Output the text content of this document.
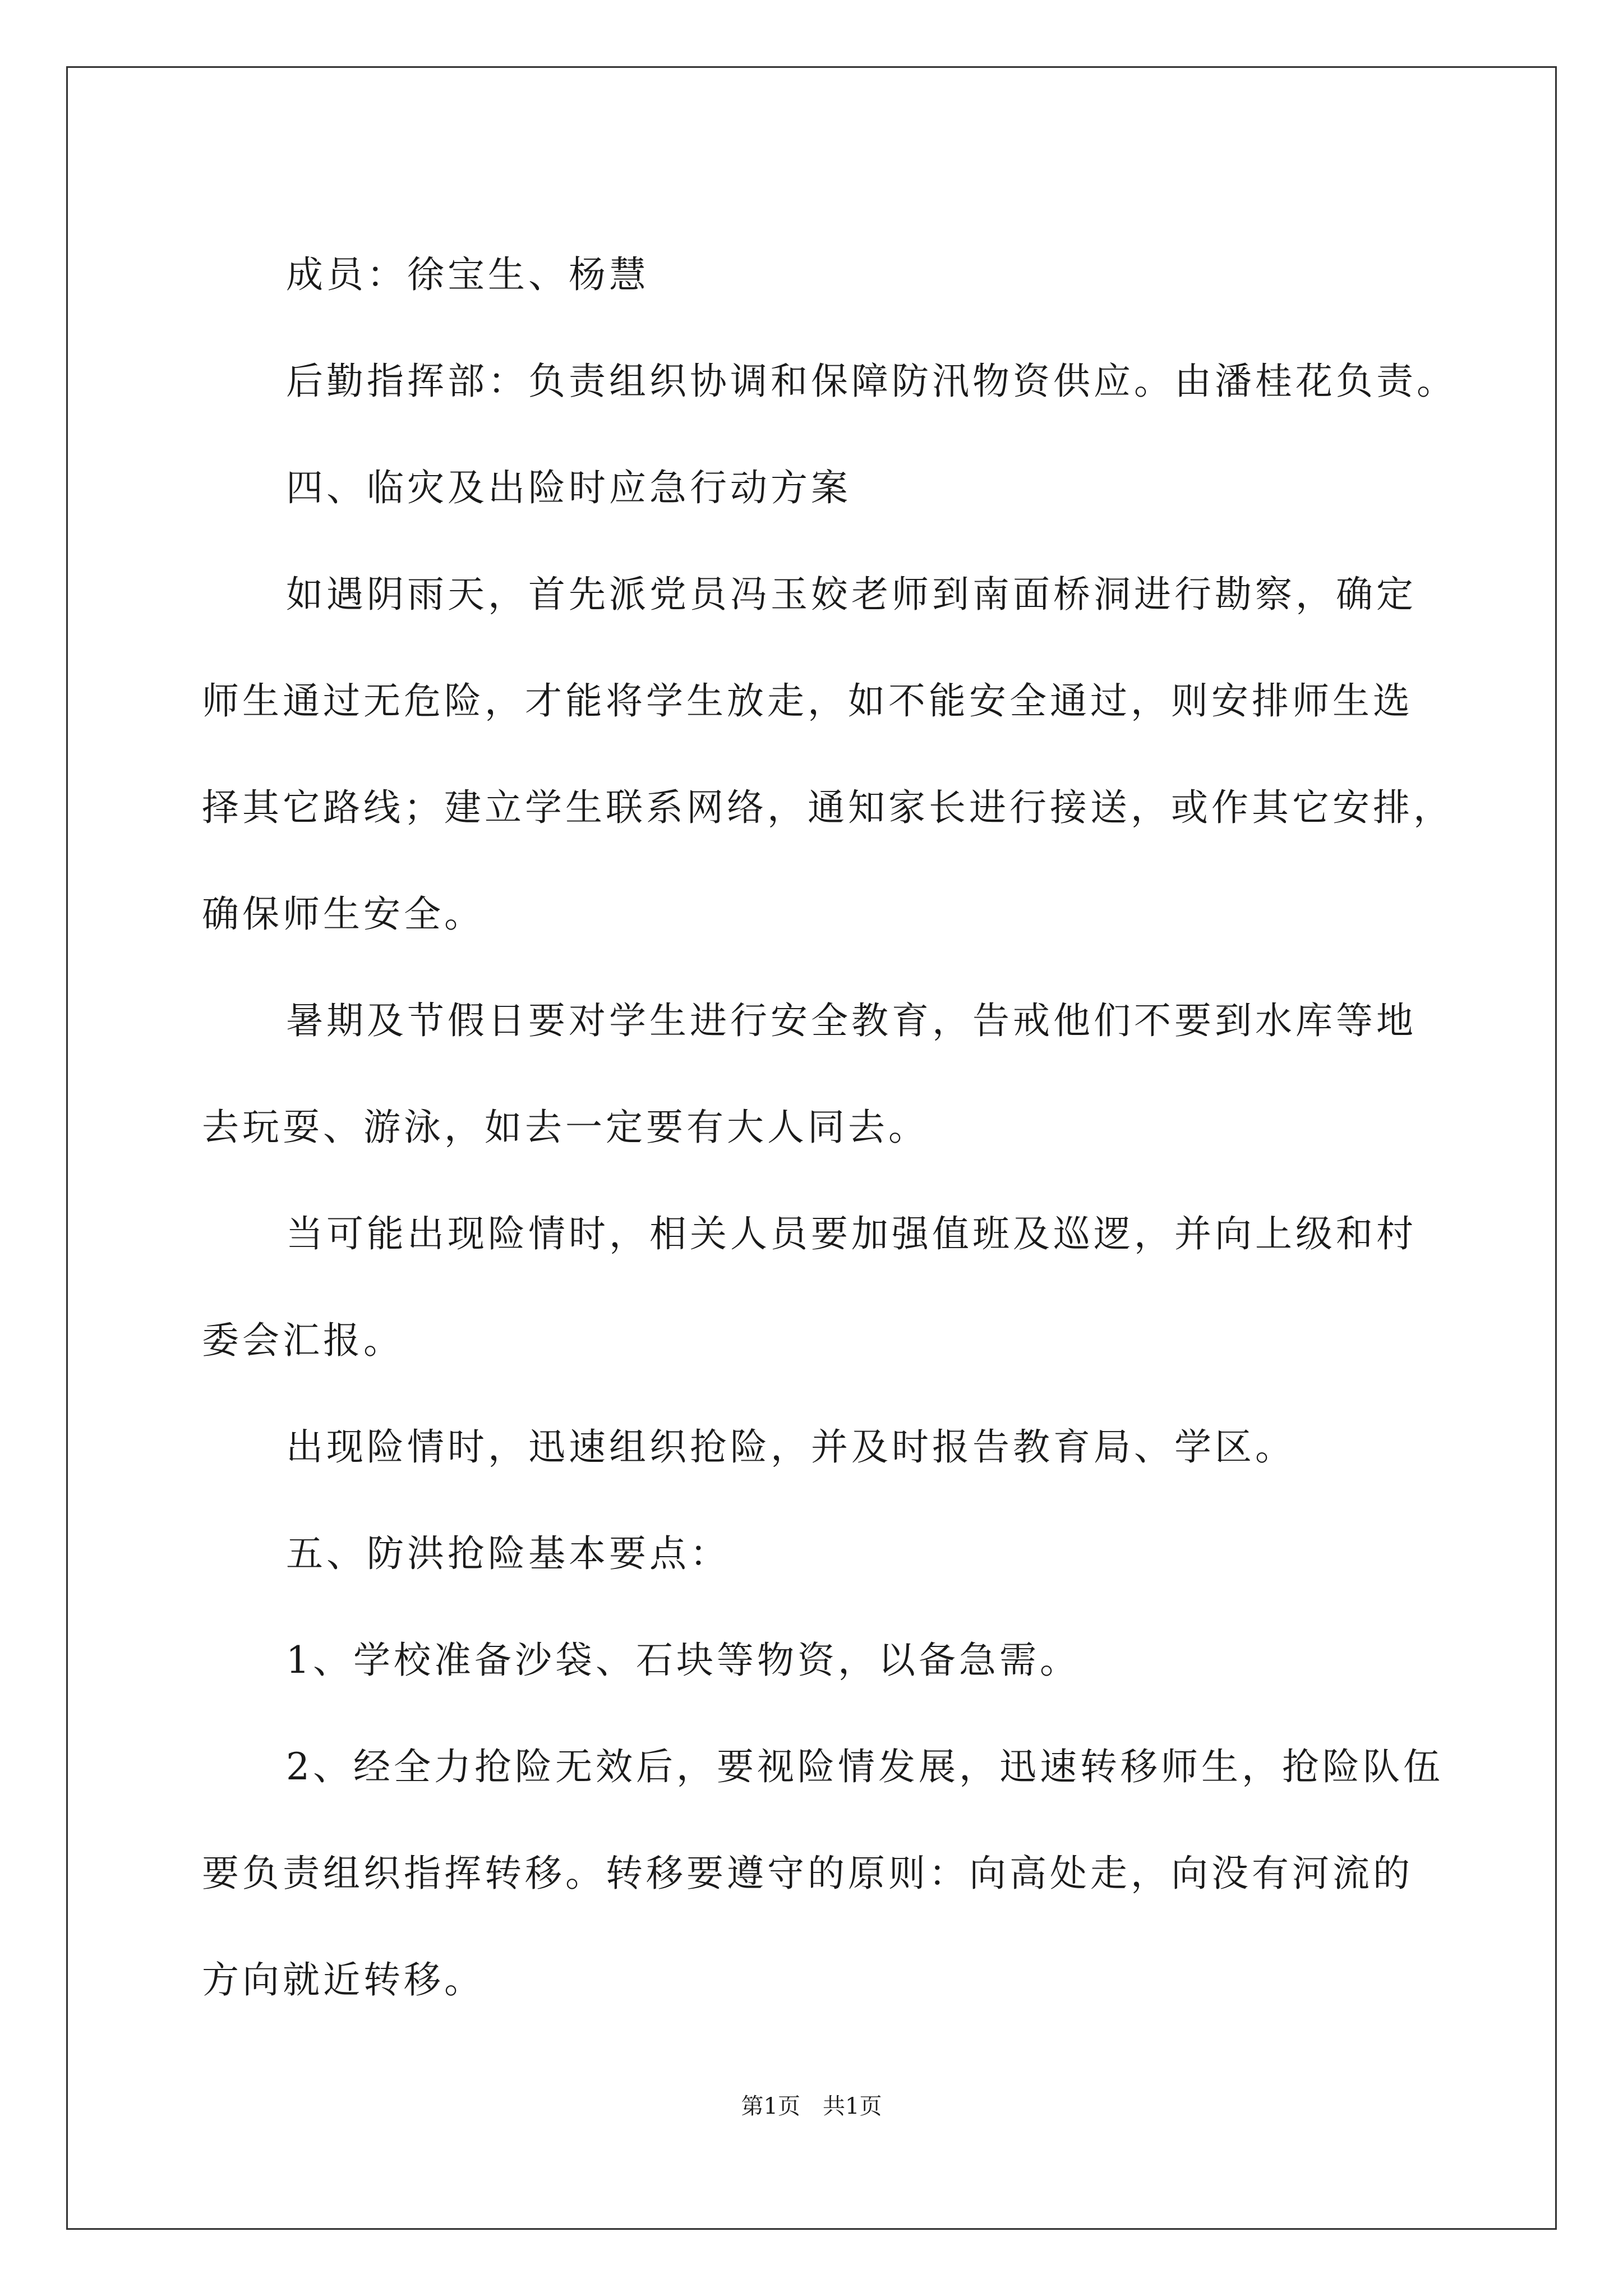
成员：徐宝生、杨慧
后勤指挥部：负责组织协调和保障防汛物资供应。由潘桂花负责。
四、临灾及出险时应急行动方案
如遇阴雨天，首先派党员冯玉姣老师到南面桥洞进行勘察，确定
师生通过无危险，才能将学生放走，如不能安全通过，则安排师生选
择其它路线；建立学生联系网络，通知家长进行接送，或作其它安排，
确保师生安全。
暑期及节假日要对学生进行安全教育，告戒他们不要到水库等地
去玩耍、游泳，如去一定要有大人同去。
当可能出现险情时，相关人员要加强值班及巡逻，并向上级和村
委会汇报。
出现险情时，迅速组织抢险，并及时报告教育局、学区。
五、防洪抢险基本要点：
1、学校准备沙袋、石块等物资，以备急需。
2、经全力抢险无效后，要视险情发展，迅速转移师生，抢险队伍
要负责组织指挥转移。转移要遵守的原则：向高处走，向没有河流的
方向就近转移。
第1页　共1页
